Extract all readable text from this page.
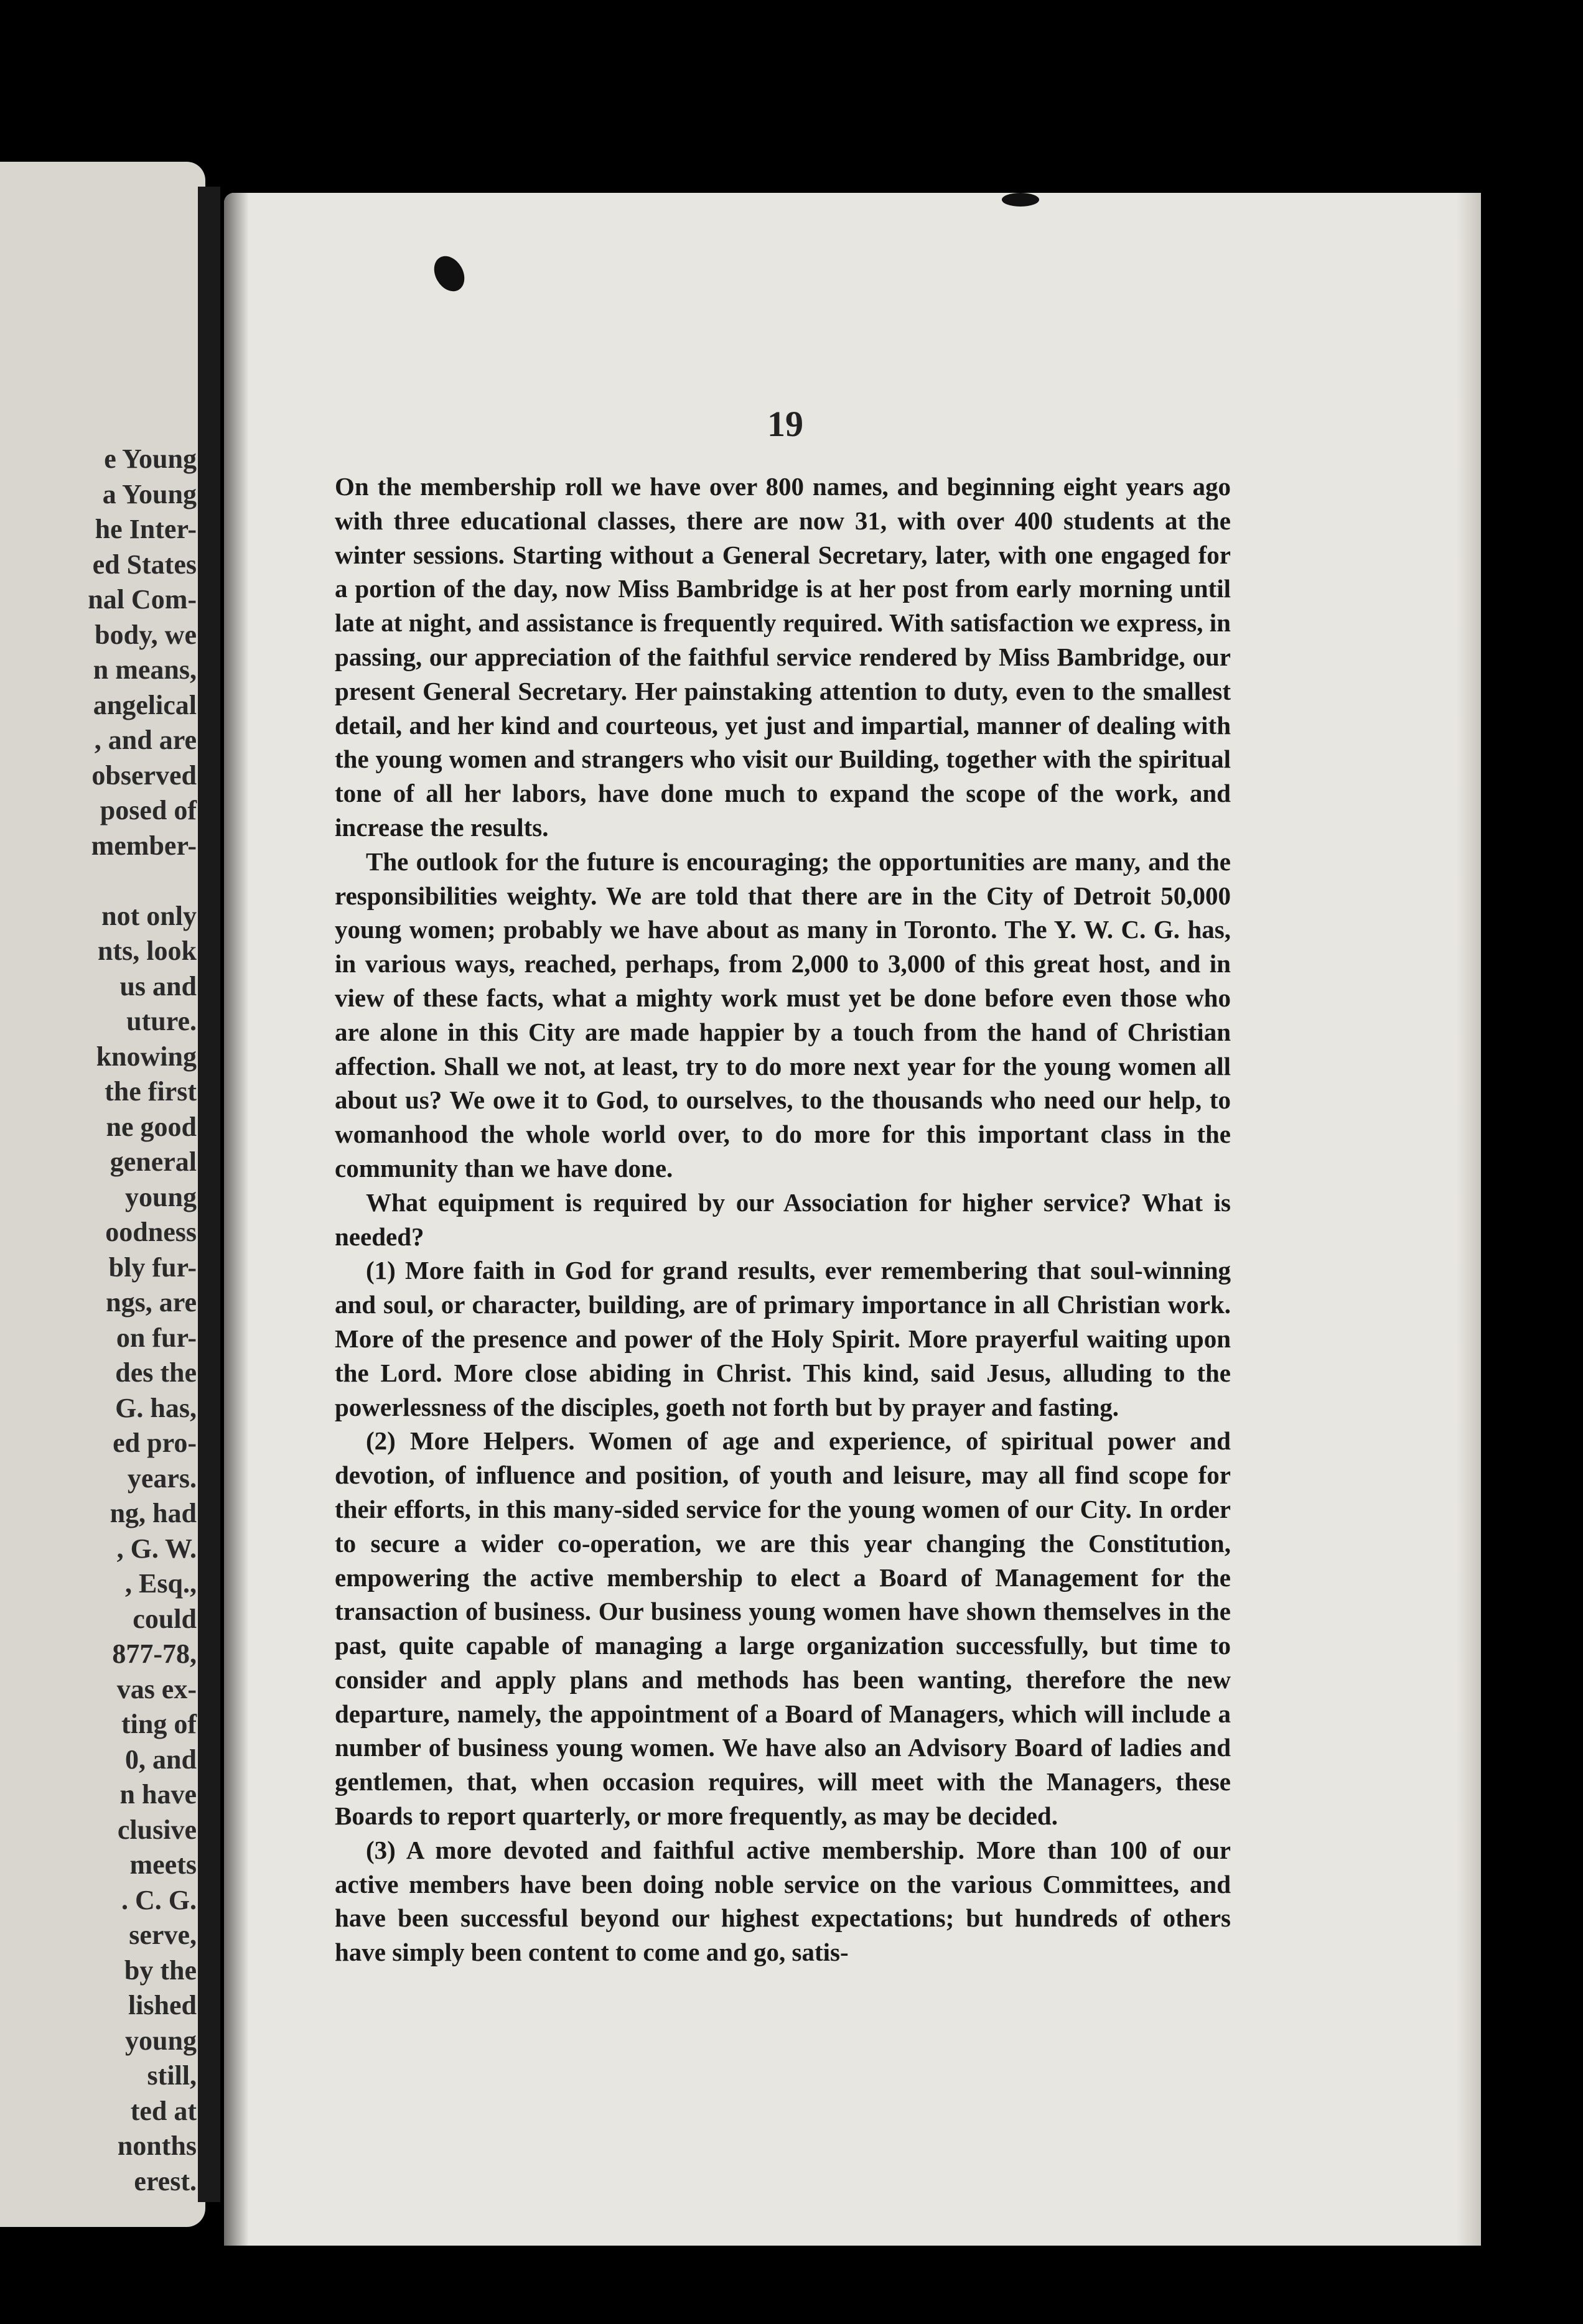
e Young
a Young
he Inter-
ed States
nal Com-
body, we
n means,
angelical
, and are
observed
posed of
member-

not only
nts, look
us and
uture.
knowing
the first
ne good
general
young
oodness
bly fur-
ngs, are
on fur-
des the
G. has,
ed pro-
years.
ng, had
, G. W.
, Esq.,
could
877-78,
vas ex-
ting of
0, and
n have
clusive
meets
. C. G.
serve,
by the
lished
young
still,
ted at
nonths
erest.
19

On the membership roll we have over 800 names, and beginning eight years ago with three educational classes, there are now 31, with over 400 students at the winter sessions. Starting without a General Secretary, later, with one engaged for a portion of the day, now Miss Bambridge is at her post from early morning until late at night, and assistance is frequently required. With satisfaction we express, in passing, our appreciation of the faithful service rendered by Miss Bambridge, our present General Secretary. Her painstaking attention to duty, even to the smallest detail, and her kind and courteous, yet just and impartial, manner of dealing with the young women and strangers who visit our Building, together with the spiritual tone of all her labors, have done much to expand the scope of the work, and increase the results.

The outlook for the future is encouraging; the opportunities are many, and the responsibilities weighty. We are told that there are in the City of Detroit 50,000 young women; probably we have about as many in Toronto. The Y. W. C. G. has, in various ways, reached, perhaps, from 2,000 to 3,000 of this great host, and in view of these facts, what a mighty work must yet be done before even those who are alone in this City are made happier by a touch from the hand of Christian affection. Shall we not, at least, try to do more next year for the young women all about us? We owe it to God, to ourselves, to the thousands who need our help, to womanhood the whole world over, to do more for this important class in the community than we have done.

What equipment is required by our Association for higher service? What is needed?

(1) More faith in God for grand results, ever remembering that soul-winning and soul, or character, building, are of primary importance in all Christian work. More of the presence and power of the Holy Spirit. More prayerful waiting upon the Lord. More close abiding in Christ. This kind, said Jesus, alluding to the powerlessness of the disciples, goeth not forth but by prayer and fasting.

(2) More Helpers. Women of age and experience, of spiritual power and devotion, of influence and position, of youth and leisure, may all find scope for their efforts, in this many-sided service for the young women of our City. In order to secure a wider co-operation, we are this year changing the Constitution, empowering the active membership to elect a Board of Management for the transaction of business. Our business young women have shown themselves in the past, quite capable of managing a large organization successfully, but time to consider and apply plans and methods has been wanting, therefore the new departure, namely, the appointment of a Board of Managers, which will include a number of business young women. We have also an Advisory Board of ladies and gentlemen, that, when occasion requires, will meet with the Managers, these Boards to report quarterly, or more frequently, as may be decided.

(3) A more devoted and faithful active membership. More than 100 of our active members have been doing noble service on the various Committees, and have been successful beyond our highest expectations; but hundreds of others have simply been content to come and go, satis-
